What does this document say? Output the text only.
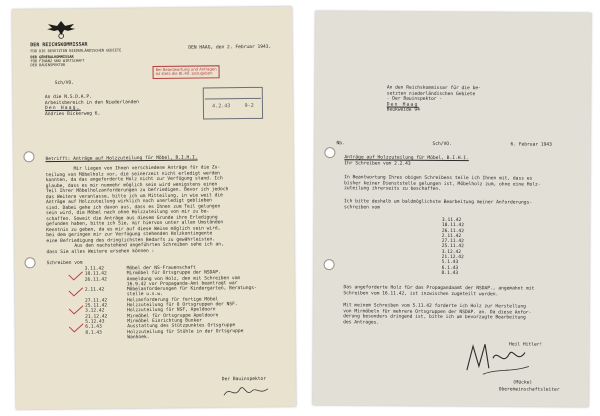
DER REICHSKOMMISSAR
FÜR DIE BESETZTEN NIEDERLÄNDISCHEN GEBIETE
DER GENERALKOMMISSAR
FÜR FINANZ UND WIRTSCHAFT
DER BAUINSPEKTOR
DEN HAAG, den 2. Februar 1943.
Sch/VO.
Bei Beantwortung und Anfragen
ist stets die Bl.-Nr. anzugeben
4.2.43	9-2

An die N.S.D.A.P.

Arbeitsbereich in den Niederlanden

Den Haag,

Andries Bickerweg 6.

Betrifft: Anträge auf Holzzuteilung für Möbel, B.I.H.I.

Mir liegen von Ihnen verschiedene Anträge für die Zu-

teilung von Möbelholz vor, die seinerzeit nicht erledigt werden

konnten, da das angeforderte Holz nicht zur Verfügung stand. Ich

glaube, dass es mir nunmehr möglich sein wird wenigstens einen

Teil Ihrer Möbelholzanforderungen zu befriedigen. Bevor ich jedoch

das Weitere veranlasse, bitte ich um Mitteilung, in wie weit die

Anträge auf Holzzuteilung wirklich noch unerledigt geblieben

sind. Dabei gehe ich davon aus, dass es Ihnen zum Teil gelungen

sein wird, die Möbel nach ohne Holzzuteilung von mir zu be-

schaffen. Soweit die Anträge aus diesem Grunde ihre Erledigung

gefunden haben, bitte ich Sie, mir hiervon unter allen Umständen

Kenntnis zu geben, da es mir auf diese Weise möglich sein wird,

bei dem geringen mir zur Verfügung stehenden Holzkontingente

eine Befriedigung des dringlichsten Bedarfs zu gewährleisten.

Aus den nachstehend angeführten Schreiben sehe ich an,

dass Sie alles Weitere ersehen können :

Schreiben vom
3.11.42	Möbel der NS-Frauenschaft
18.11.42	Mirmöbel für Ortsgruppe der NSDAP.
26.11.42	Anmeldung von Holz, den mit Schreiben vom
16.9.42 vor Propaganda-Amt beantragt war
2.11.42	Möbelanforderungen für Kindergarten, Beratungs-
stelle u.s.w.
27.11.42	Holzanforderung für fertige Möbel
25.11.42	Holzzuteilung für 8 Ortsgruppen der NSF.
3.12.42	Holzzuteilung für NSF, Apeldoorn
21.12.42	Mirmöbel für Ortsgruppe Apeldoorn
5.12.43	Mirmöbel Einrichtung Bunker
6.1.43	Ausstattung des Stützpunktes Ortsgruppe
8.1.43	Holzzuteilung für Stühle in der Ortsgruppe
Wanhoek.
Der Bauinspektor

An den Reichskommissar für die be-

setzten niederländischen Gebiete

- Der Bauinspektor -

Den Haag

Beukweide 94

Nb.	Sch/VO.	6. Februar 1943
Anträge auf Holzzuteilung für Möbel, B.I.H.I.
Ihr Schreiben vom 2.2.43

In Beantwortung Ihres obigen Schreibens teile ich Ihnen mit, dass es

bisher keiner Dienststelle gelungen ist, Möbelholz zum, ohne eine Holz-

zuteilung ihrerseits zu beschaffen.

Ich bitte deshalb um baldmöglichste Bearbeitung meiner Anforderungs-

schreiben vom

3.11.42

18.11.42

26.11.42

2.11.42

27.11.42

25.11.42

3.12.42

21.12.42

5.1.43

6.1.43

8.1.43

Das angeforderte Holz für das Propagandaamt der NSDAP., angemahnt mit

Schreiben vom 16.11.42, ist inzwischen zugeteilt worden.

Mit meinem Schreiben vom 5.11.42 forderte ich Holz zur Herstellung

von Mirmöbeln für mehrere Ortsgruppen der NSDAP. an. Da diese Anfor-

derung besonders dringend ist, bitte ich um bevorzugte Bearbeitung

des Antrages.

Heil Hitler!
(Mücke)
Oberemeinschaftsleiter
